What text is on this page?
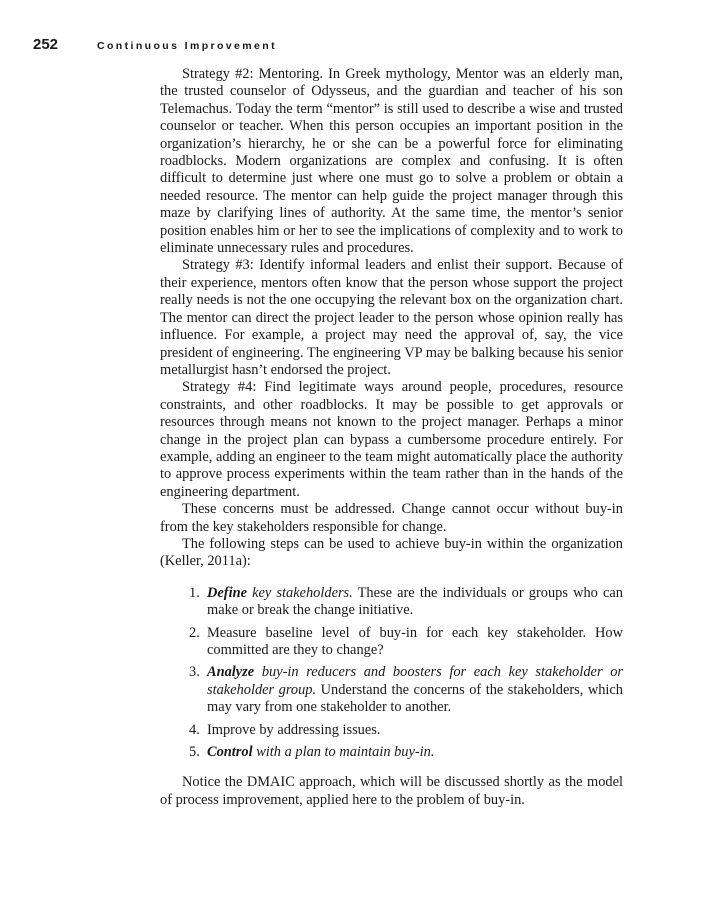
252	Continuous Improvement

Strategy #2: Mentoring. In Greek mythology, Mentor was an elderly man, the trusted counselor of Odysseus, and the guardian and teacher of his son Telemachus. Today the term “mentor” is still used to describe a wise and trusted counselor or teacher. When this person occupies an important position in the organization’s hierarchy, he or she can be a powerful force for eliminating roadblocks. Modern organizations are complex and confusing. It is often difficult to determine just where one must go to solve a problem or obtain a needed resource. The mentor can help guide the project manager through this maze by clarifying lines of authority. At the same time, the mentor’s senior position enables him or her to see the implications of complexity and to work to eliminate unnecessary rules and procedures.

Strategy #3: Identify informal leaders and enlist their support. Because of their experience, mentors often know that the person whose support the project really needs is not the one occupying the relevant box on the organization chart. The mentor can direct the project leader to the person whose opinion really has influence. For example, a project may need the approval of, say, the vice president of engineering. The engineering VP may be balking because his senior metallurgist hasn’t endorsed the project.

Strategy #4: Find legitimate ways around people, procedures, resource constraints, and other roadblocks. It may be possible to get approvals or resources through means not known to the project manager. Perhaps a minor change in the project plan can bypass a cumbersome procedure entirely. For example, adding an engineer to the team might automatically place the authority to approve process experiments within the team rather than in the hands of the engineering department.

These concerns must be addressed. Change cannot occur without buy-in from the key stakeholders responsible for change.

The following steps can be used to achieve buy-in within the organization (Keller, 2011a):

1. Define key stakeholders. These are the individuals or groups who can make or break the change initiative.
2. Measure baseline level of buy-in for each key stakeholder. How committed are they to change?
3. Analyze buy-in reducers and boosters for each key stakeholder or stakeholder group. Understand the concerns of the stakeholders, which may vary from one stakeholder to another.
4. Improve by addressing issues.
5. Control with a plan to maintain buy-in.

Notice the DMAIC approach, which will be discussed shortly as the model of process improvement, applied here to the problem of buy-in.
